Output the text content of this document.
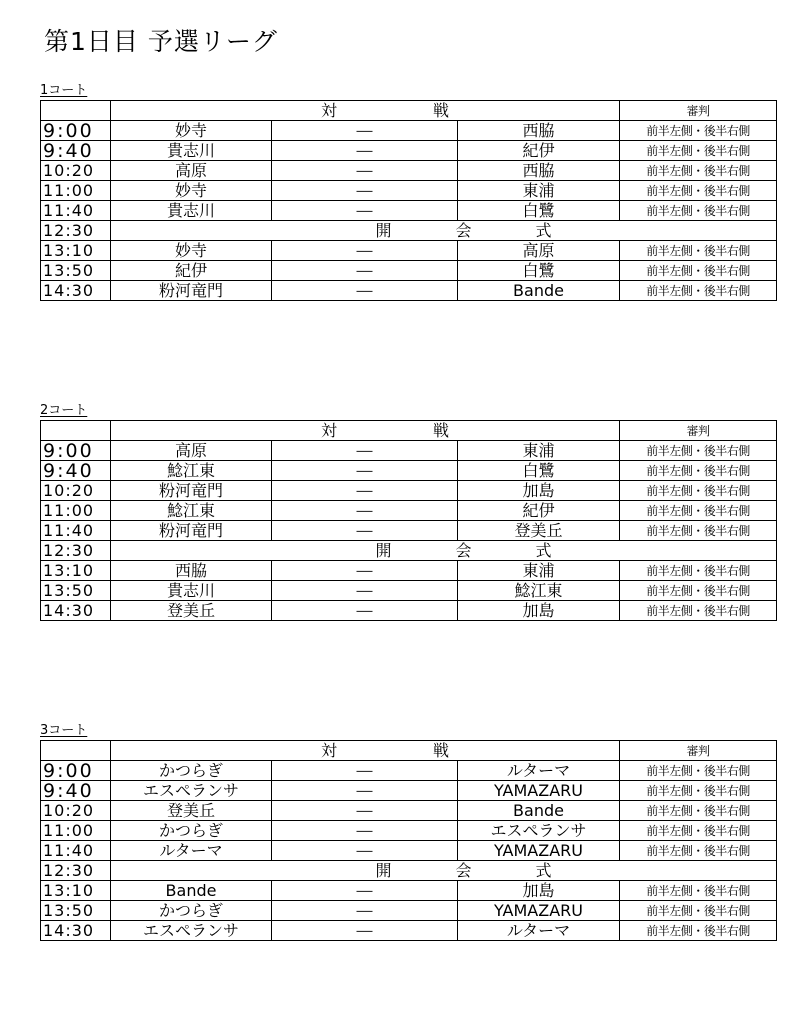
第1日目 予選リーグ
1コート

	対 戦			審判
9:00	妙寺	―	西脇	前半左側・後半右側
9:40	貴志川	―	紀伊	前半左側・後半右側
10:20	高原	―	西脇	前半左側・後半右側
11:00	妙寺	―	東浦	前半左側・後半右側
11:40	貴志川	―	白鷺	前半左側・後半右側
12:30	開 会 式			

13:10	妙寺	―	高原	前半左側・後半右側
13:50	紀伊	―	白鷺	前半左側・後半右側
14:30	粉河竜門	―	Bande	前半左側・後半右側
2コート

	対 戦			審判
9:00	高原	―	東浦	前半左側・後半右側
9:40	鯰江東	―	白鷺	前半左側・後半右側
10:20	粉河竜門	―	加島	前半左側・後半右側
11:00	鯰江東	―	紀伊	前半左側・後半右側
11:40	粉河竜門	―	登美丘	前半左側・後半右側
12:30	開 会 式			

13:10	西脇	―	東浦	前半左側・後半右側
13:50	貴志川	―	鯰江東	前半左側・後半右側
14:30	登美丘	―	加島	前半左側・後半右側
3コート

	対 戦			審判
9:00	かつらぎ	―	ルターマ	前半左側・後半右側
9:40	エスペランサ	―	YAMAZARU	前半左側・後半右側
10:20	登美丘	―	Bande	前半左側・後半右側
11:00	かつらぎ	―	エスペランサ	前半左側・後半右側
11:40	ルターマ	―	YAMAZARU	前半左側・後半右側
12:30	開 会 式			

13:10	Bande	―	加島	前半左側・後半右側
13:50	かつらぎ	―	YAMAZARU	前半左側・後半右側
14:30	エスペランサ	―	ルターマ	前半左側・後半右側
